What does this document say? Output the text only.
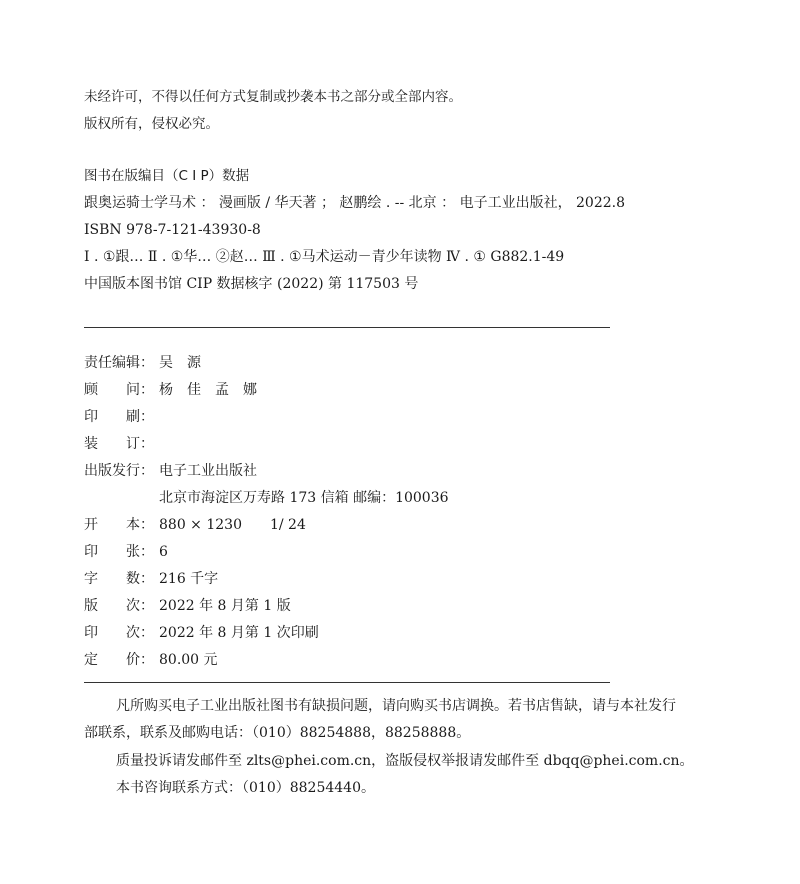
未经许可，不得以任何方式复制或抄袭本书之部分或全部内容。
版权所有，侵权必究。
图书在版编目（C I P）数据
跟奥运骑士学马术 ： 漫画版 / 华天著 ； 赵鹏绘 . -- 北京 ： 电子工业出版社， 2022.8
ISBN 978-7-121-43930-8
Ⅰ . ①跟… Ⅱ . ①华… ②赵… Ⅲ . ①马术运动－青少年读物 Ⅳ . ① G882.1-49
中国版本图书馆 CIP 数据核字 (2022) 第 117503 号
责任编辑： 吴　源
顾　　问： 杨　佳　孟　娜
印　　刷：
装　　订：
出版发行： 电子工业出版社
北京市海淀区万寿路 173 信箱 邮编：100036
开　　本： 880 × 1230　　1/ 24
印　　张： 6
字　　数： 216 千字
版　　次： 2022 年 8 月第 1 版
印　　次： 2022 年 8 月第 1 次印刷
定　　价： 80.00 元
凡所购买电子工业出版社图书有缺损问题，请向购买书店调换。若书店售缺，请与本社发行部联系，联系及邮购电话：（010）88254888，88258888。
质量投诉请发邮件至 zlts@phei.com.cn，盗版侵权举报请发邮件至 dbqq@phei.com.cn。
本书咨询联系方式：（010）88254440。
